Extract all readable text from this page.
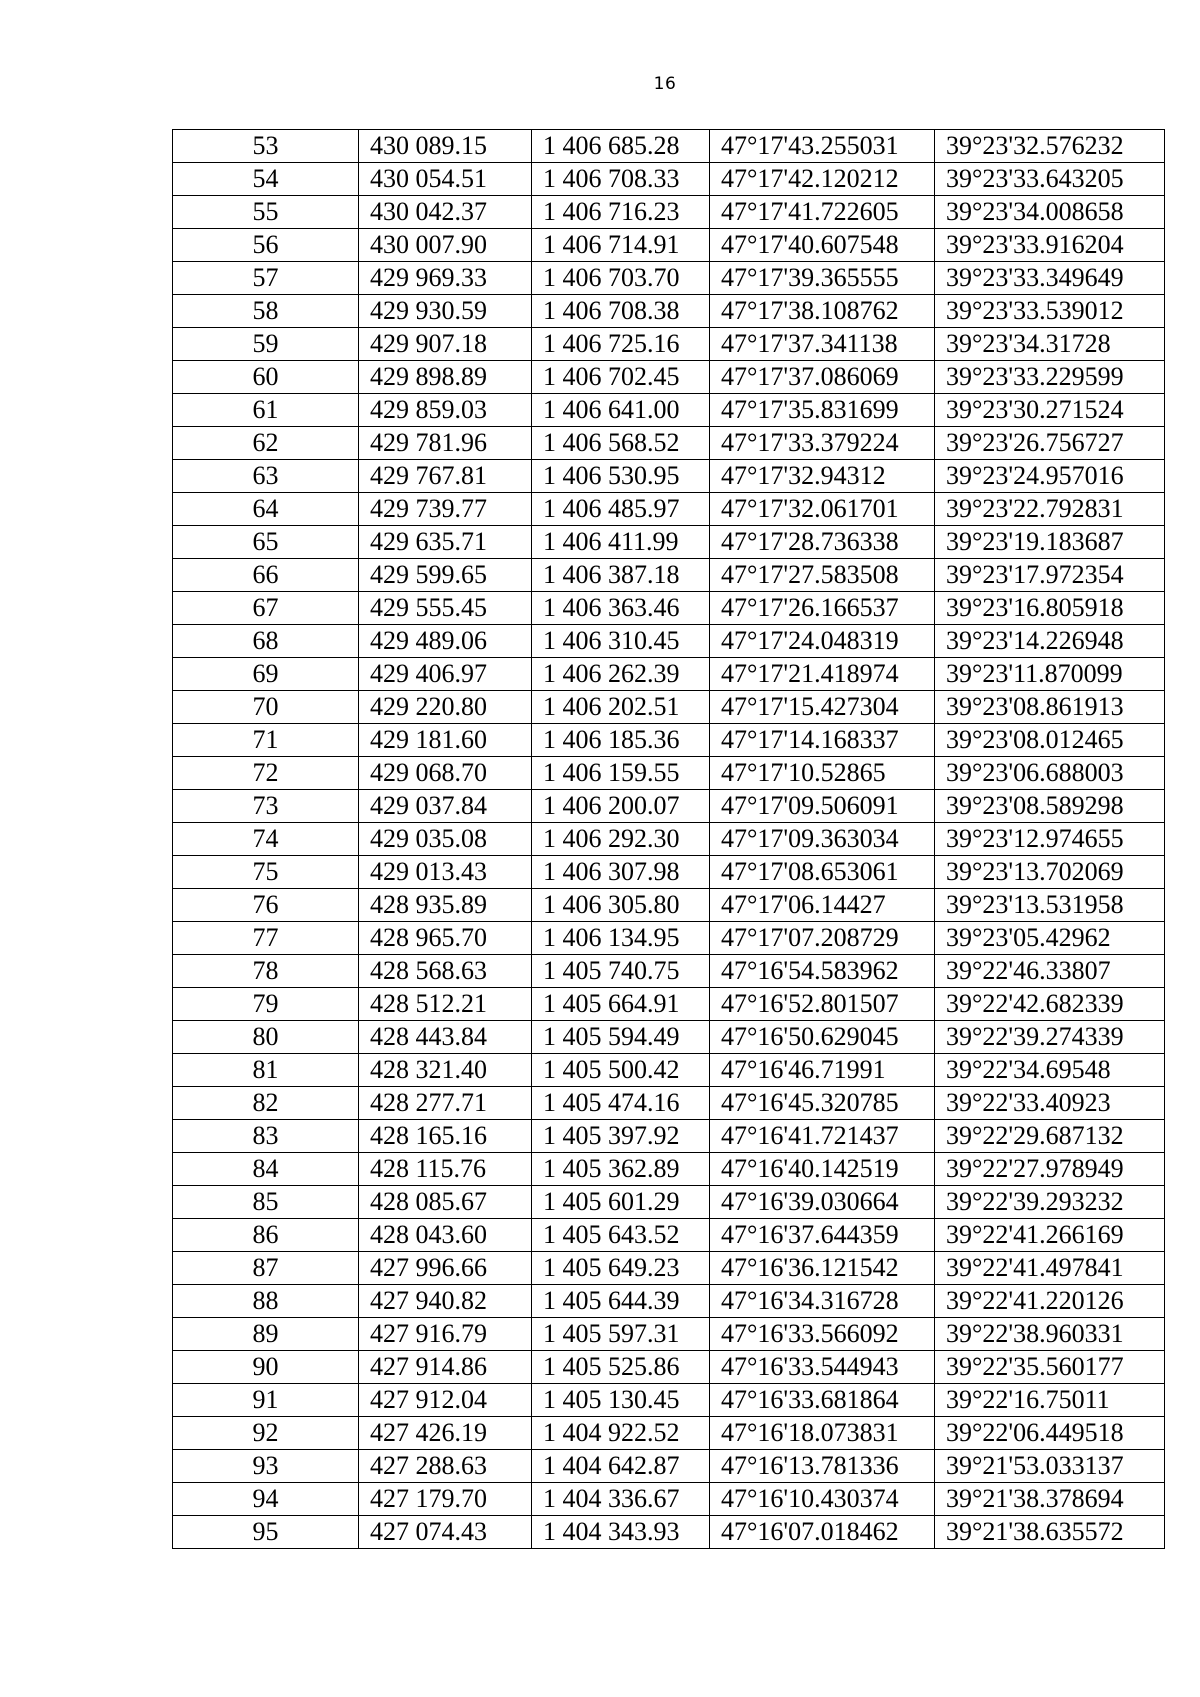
16
53	430 089.15	1 406 685.28	47°17'43.255031	39°23'32.576232
54	430 054.51	1 406 708.33	47°17'42.120212	39°23'33.643205
55	430 042.37	1 406 716.23	47°17'41.722605	39°23'34.008658
56	430 007.90	1 406 714.91	47°17'40.607548	39°23'33.916204
57	429 969.33	1 406 703.70	47°17'39.365555	39°23'33.349649
58	429 930.59	1 406 708.38	47°17'38.108762	39°23'33.539012
59	429 907.18	1 406 725.16	47°17'37.341138	39°23'34.31728
60	429 898.89	1 406 702.45	47°17'37.086069	39°23'33.229599
61	429 859.03	1 406 641.00	47°17'35.831699	39°23'30.271524
62	429 781.96	1 406 568.52	47°17'33.379224	39°23'26.756727
63	429 767.81	1 406 530.95	47°17'32.94312	39°23'24.957016
64	429 739.77	1 406 485.97	47°17'32.061701	39°23'22.792831
65	429 635.71	1 406 411.99	47°17'28.736338	39°23'19.183687
66	429 599.65	1 406 387.18	47°17'27.583508	39°23'17.972354
67	429 555.45	1 406 363.46	47°17'26.166537	39°23'16.805918
68	429 489.06	1 406 310.45	47°17'24.048319	39°23'14.226948
69	429 406.97	1 406 262.39	47°17'21.418974	39°23'11.870099
70	429 220.80	1 406 202.51	47°17'15.427304	39°23'08.861913
71	429 181.60	1 406 185.36	47°17'14.168337	39°23'08.012465
72	429 068.70	1 406 159.55	47°17'10.52865	39°23'06.688003
73	429 037.84	1 406 200.07	47°17'09.506091	39°23'08.589298
74	429 035.08	1 406 292.30	47°17'09.363034	39°23'12.974655
75	429 013.43	1 406 307.98	47°17'08.653061	39°23'13.702069
76	428 935.89	1 406 305.80	47°17'06.14427	39°23'13.531958
77	428 965.70	1 406 134.95	47°17'07.208729	39°23'05.42962
78	428 568.63	1 405 740.75	47°16'54.583962	39°22'46.33807
79	428 512.21	1 405 664.91	47°16'52.801507	39°22'42.682339
80	428 443.84	1 405 594.49	47°16'50.629045	39°22'39.274339
81	428 321.40	1 405 500.42	47°16'46.71991	39°22'34.69548
82	428 277.71	1 405 474.16	47°16'45.320785	39°22'33.40923
83	428 165.16	1 405 397.92	47°16'41.721437	39°22'29.687132
84	428 115.76	1 405 362.89	47°16'40.142519	39°22'27.978949
85	428 085.67	1 405 601.29	47°16'39.030664	39°22'39.293232
86	428 043.60	1 405 643.52	47°16'37.644359	39°22'41.266169
87	427 996.66	1 405 649.23	47°16'36.121542	39°22'41.497841
88	427 940.82	1 405 644.39	47°16'34.316728	39°22'41.220126
89	427 916.79	1 405 597.31	47°16'33.566092	39°22'38.960331
90	427 914.86	1 405 525.86	47°16'33.544943	39°22'35.560177
91	427 912.04	1 405 130.45	47°16'33.681864	39°22'16.75011
92	427 426.19	1 404 922.52	47°16'18.073831	39°22'06.449518
93	427 288.63	1 404 642.87	47°16'13.781336	39°21'53.033137
94	427 179.70	1 404 336.67	47°16'10.430374	39°21'38.378694
95	427 074.43	1 404 343.93	47°16'07.018462	39°21'38.635572
